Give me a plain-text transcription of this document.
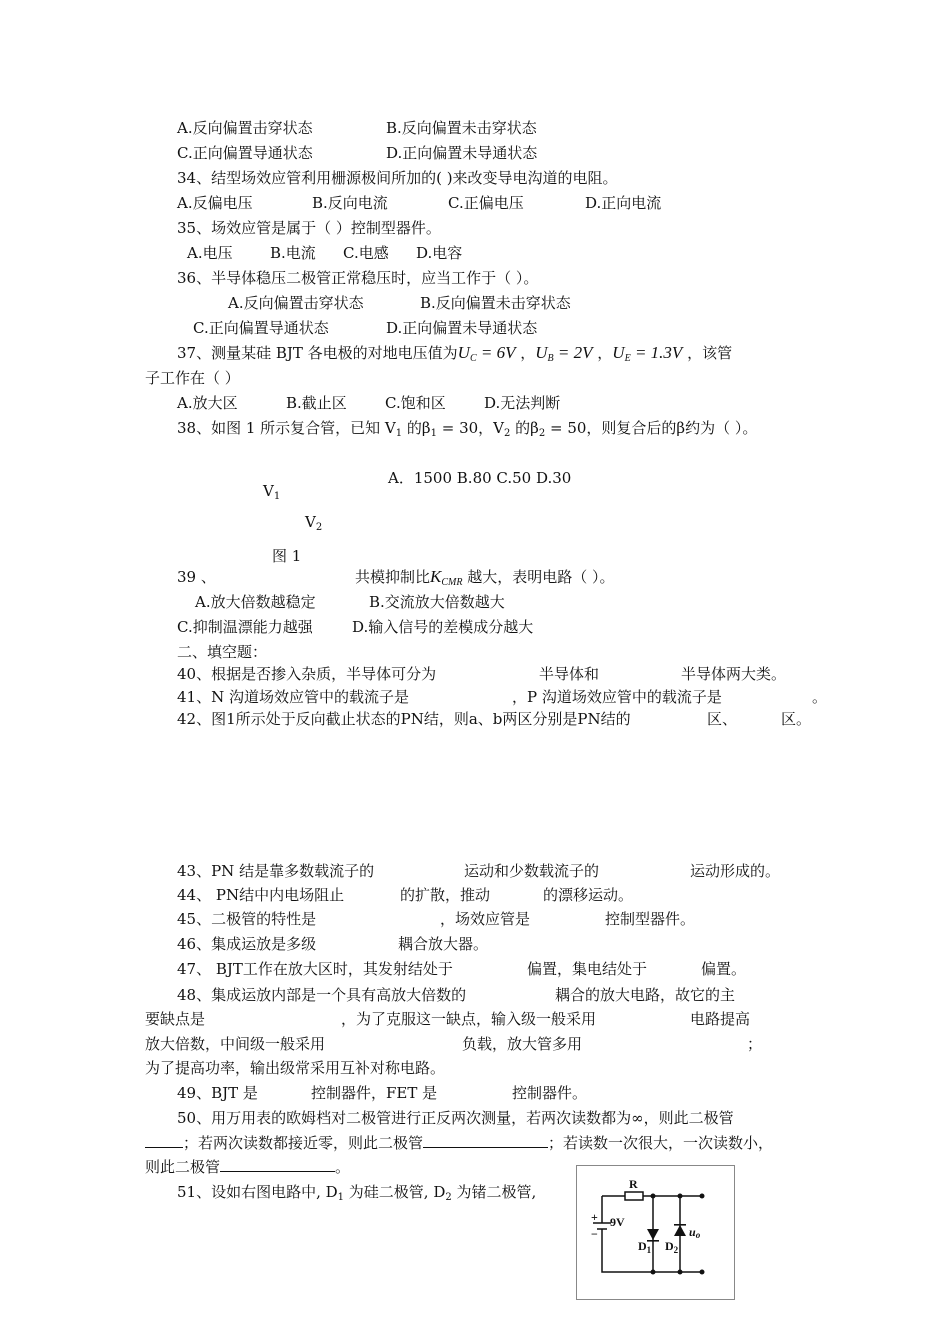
A.反向偏置击穿状态	B.反向偏置未击穿状态
C.正向偏置导通状态	D.正向偏置未导通状态
34、结型场效应管利用栅源极间所加的( )来改变导电沟道的电阻。
A.反偏电压	B.反向电流	C.正偏电压	D.正向电流
35、场效应管是属于（ ）控制型器件。
A.电压 B.电流 C.电感 D.电容
36、半导体稳压二极管正常稳压时，应当工作于（ ）。
A.反向偏置击穿状态	B.反向偏置未击穿状态
C.正向偏置导通状态	D.正向偏置未导通状态
37、测量某硅 BJT 各电极的对地电压值为$U_C = 6V$ ，$U_B = 2V$ ，$U_E = 1.3V$ ，该管
子工作在（ ）
A.放大区	B.截止区	C.饱和区	D.无法判断
38、如图 1 所示复合管，已知 $V_1$ 的$\beta_1 = 30$，$V_2$ 的$\beta_2 = 50$，则复合后的β约为（ ）。
A．1500 B.80 C.50 D.30
$V_1$
$V_2$
图 1
39 、	共模抑制比$K_{CMR}$ 越大，表明电路（ ）。
A.放大倍数越稳定	B.交流放大倍数越大
C.抑制温漂能力越强	D.输入信号的差模成分越大
二、填空题：
40、根据是否掺入杂质，半导体可分为	半导体和	半导体两大类。
41、N 沟道场效应管中的载流子是	，P 沟道场效应管中的载流子是	。
42、图1所示处于反向截止状态的PN结，则a、b两区分别是PN结的	区、	区。
43、PN 结是靠多数载流子的	运动和少数载流子的	运动形成的。
44、 PN结中内电场阻止	的扩散，推动	的漂移运动。
45、二极管的特性是	，场效应管是	控制型器件。
46、集成运放是多级	耦合放大器。
47、 BJT工作在放大区时，其发射结处于	偏置，集电结处于	偏置。
48、集成运放内部是一个具有高放大倍数的	耦合的放大电路，故它的主
要缺点是	，为了克服这一缺点，输入级一般采用	电路提高
放大倍数，中间级一般采用	负载，放大管多用	；
为了提高功率，输出级常采用互补对称电路。
49、BJT 是	控制器件，FET 是	控制器件。
50、用万用表的欧姆档对二极管进行正反两次测量，若两次读数都为∞，则此二极管
；若两次读数都接近零，则此二极管	；若读数一次很大，一次读数小，
则此二极管	。
51、设如右图电路中, $D_1$ 为硅二极管, $D_2$ 为锗二极管,	R
+
−
9V
$D_1$ $D_2$
uo
